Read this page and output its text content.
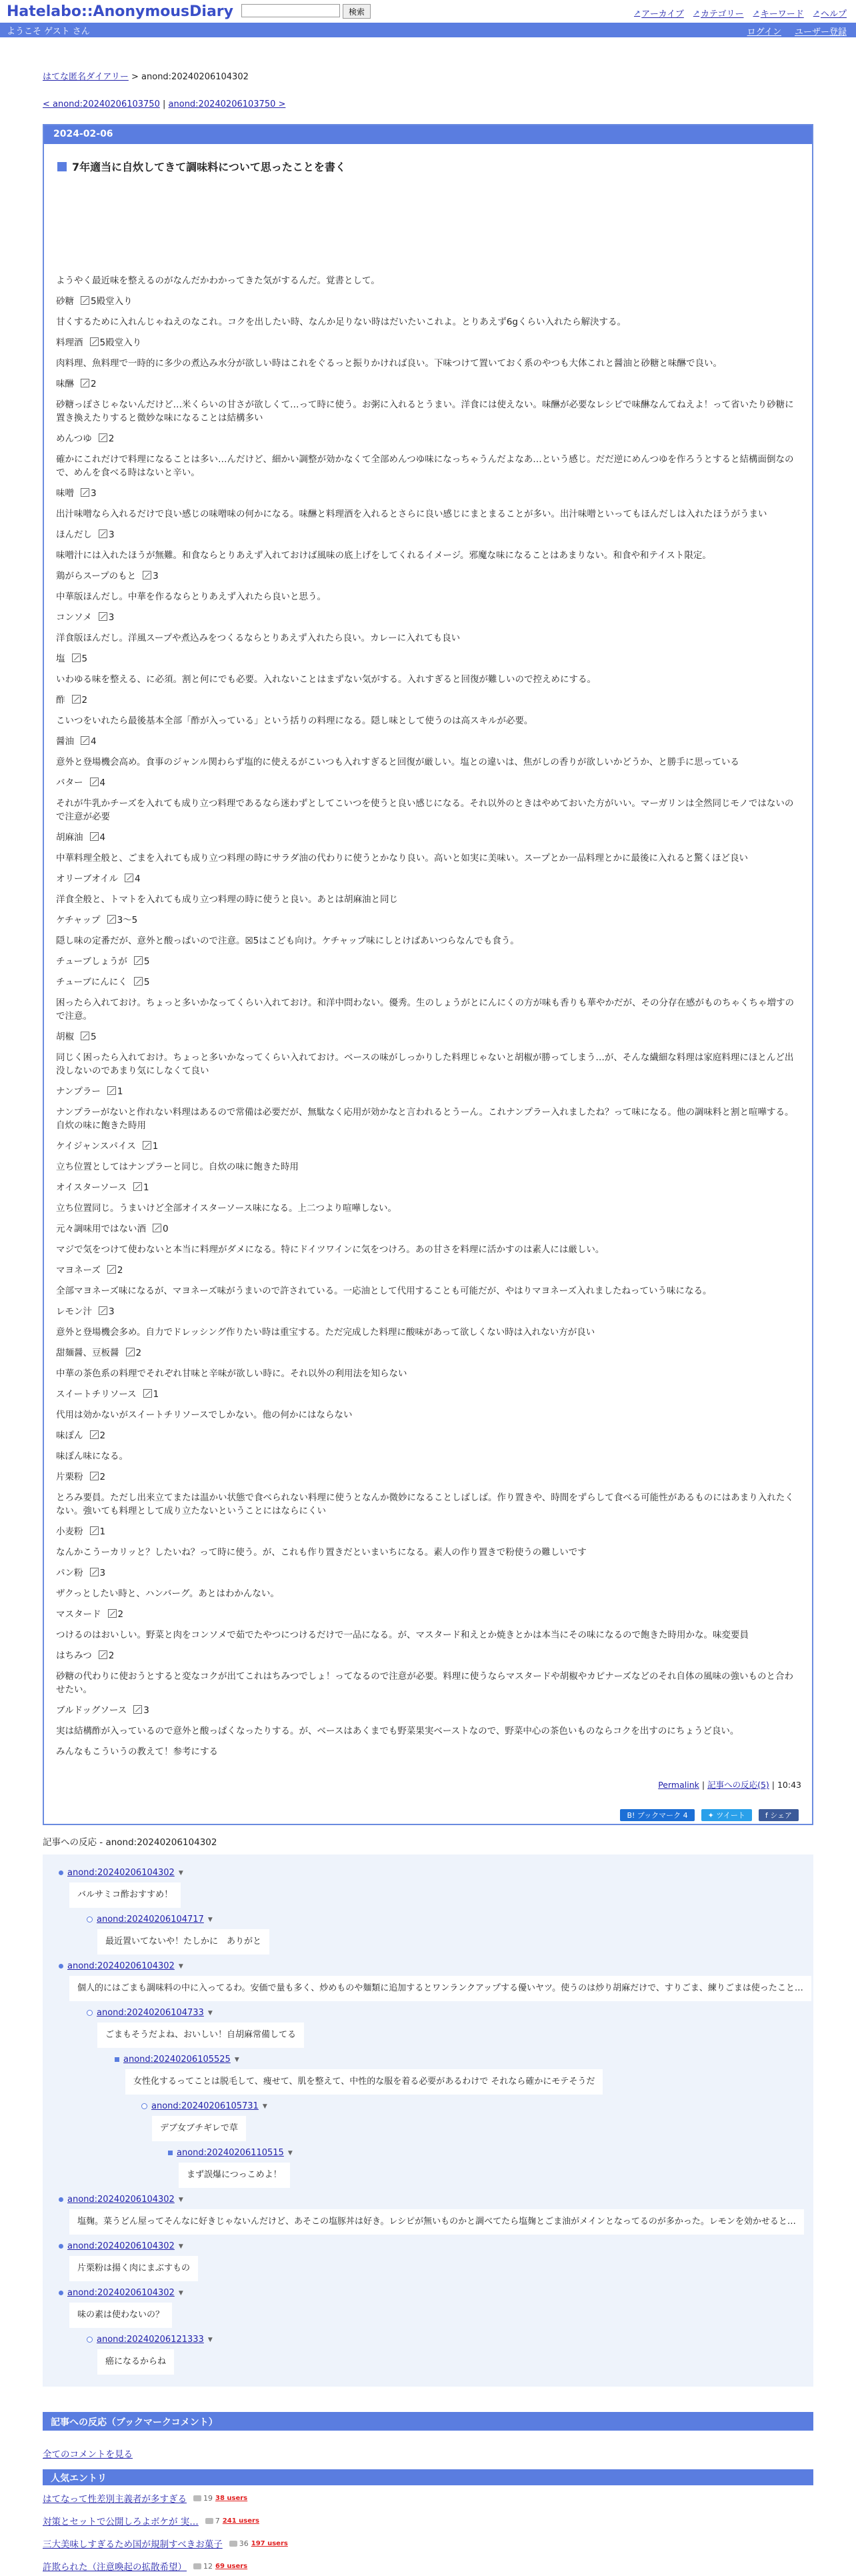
Hatelabo::AnonymousDiary	検索	↗ アーカイブ ↗ カテゴリー ↗ キーワード ↗ ヘルプ
ようこそ ゲスト さん	ログイン ユーザー登録
はてな匿名ダイアリー > anond:20240206104302
< anond:20240206103750 | anond:20240206103750 >
2024-02-06
7年適当に自炊してきて調味料について思ったことを書く

ようやく最近味を整えるのがなんだかわかってきた気がするんだ。覚書として。

砂糖 5殿堂入り

甘くするために入れんじゃねえのなこれ。コクを出したい時、なんか足りない時はだいたいこれよ。とりあえず6gくらい入れたら解決する。

料理酒 5殿堂入り

肉料理、魚料理で一時的に多少の煮込み水分が欲しい時はこれをぐるっと振りかければ良い。下味つけて置いておく系のやつも大体これと醤油と砂糖と味醂で良い。

味醂 2

砂糖っぽさじゃないんだけど…米くらいの甘さが欲しくて…って時に使う。お粥に入れるとうまい。洋食には使えない。味醂が必要なレシピで味醂なんてねえよ！って省いたり砂糖に置き換えたりすると微妙な味になることは結構多い

めんつゆ 2

確かにこれだけで料理になることは多い…んだけど、細かい調整が効かなくて全部めんつゆ味になっちゃうんだよなあ…という感じ。だだ逆にめんつゆを作ろうとすると結構面倒なので、めんを食べる時はないと辛い。

味噌 3

出汁味噌なら入れるだけで良い感じの味噌味の何かになる。味醂と料理酒を入れるとさらに良い感じにまとまることが多い。出汁味噌といってもほんだしは入れたほうがうまい

ほんだし 3

味噌汁には入れたほうが無難。和食ならとりあえず入れておけば風味の底上げをしてくれるイメージ。邪魔な味になることはあまりない。和食や和テイスト限定。

鶏がらスープのもと 3

中華版ほんだし。中華を作るならとりあえず入れたら良いと思う。

コンソメ 3

洋食版ほんだし。洋風スープや煮込みをつくるならとりあえず入れたら良い。カレーに入れても良い

塩 5

いわゆる味を整える、に必須。割と何にでも必要。入れないことはまずない気がする。入れすぎると回復が難しいので控えめにする。

酢 2

こいつをいれたら最後基本全部「酢が入っている」という括りの料理になる。隠し味として使うのは高スキルが必要。

醤油 4

意外と登場機会高め。食事のジャンル関わらず塩的に使えるがこいつも入れすぎると回復が厳しい。塩との違いは、焦がしの香りが欲しいかどうか、と勝手に思っている

バター 4

それが牛乳かチーズを入れても成り立つ料理であるなら迷わずとしてこいつを使うと良い感じになる。それ以外のときはやめておいた方がいい。マーガリンは全然同じモノではないので注意が必要

胡麻油 4

中華料理全般と、ごまを入れても成り立つ料理の時にサラダ油の代わりに使うとかなり良い。高いと如実に美味い。スープとか一品料理とかに最後に入れると驚くほど良い

オリーブオイル 4

洋食全般と、トマトを入れても成り立つ料理の時に使うと良い。あとは胡麻油と同じ

ケチャップ 3～5

隠し味の定番だが、意外と酸っぱいので注意。☒5はこども向け。ケチャップ味にしとけばあいつらなんでも食う。

チューブしょうが 5

チューブにんにく 5

困ったら入れておけ。ちょっと多いかなってくらい入れておけ。和洋中問わない。優秀。生のしょうがとにんにくの方が味も香りも華やかだが、その分存在感がものちゃくちゃ増すので注意。

胡椒 5

同じく困ったら入れておけ。ちょっと多いかなってくらい入れておけ。ベースの味がしっかりした料理じゃないと胡椒が勝ってしまう…が、そんな繊細な料理は家庭料理にほとんど出没しないのであまり気にしなくて良い

ナンプラー 1

ナンプラーがないと作れない料理はあるので常備は必要だが、無駄なく応用が効かなと言われるとうーん。これナンプラー入れましたね？って味になる。他の調味料と割と喧嘩する。自炊の味に飽きた時用

ケイジャンスパイス 1

立ち位置としてはナンプラーと同じ。自炊の味に飽きた時用

オイスターソース 1

立ち位置同じ。うまいけど全部オイスターソース味になる。上二つより喧嘩しない。

元々調味用ではない酒 0

マジで気をつけて使わないと本当に料理がダメになる。特にドイツワインに気をつけろ。あの甘さを料理に活かすのは素人には厳しい。

マヨネーズ 2

全部マヨネーズ味になるが、マヨネーズ味がうまいので許されている。一応油として代用することも可能だが、やはりマヨネーズ入れましたねっていう味になる。

レモン汁 3

意外と登場機会多め。自力でドレッシング作りたい時は重宝する。ただ完成した料理に酸味があって欲しくない時は入れない方が良い

甜麺醤、豆板醤 2

中華の茶色系の料理でそれぞれ甘味と辛味が欲しい時に。それ以外の利用法を知らない

スイートチリソース 1

代用は効かないがスイートチリソースでしかない。他の何かにはならない

味ぽん 2

味ぽん味になる。

片栗粉 2

とろみ要員。ただし出来立てまたは温かい状態で食べられない料理に使うとなんか微妙になることしばしば。作り置きや、時間をずらして食べる可能性があるものにはあまり入れたくない。強いても料理として成り立たないということにはならにくい

小麦粉 1

なんかこうーカリッと？したいね？って時に使う。が、これも作り置きだといまいちになる。素人の作り置きで粉使うの難しいです

パン粉 3

ザクっとしたい時と、ハンバーグ。あとはわかんない。

マスタード 2

つけるのはおいしい。野菜と肉をコンソメで茹でたやつにつけるだけで一品になる。が、マスタード和えとか焼きとかは本当にその味になるので飽きた時用かな。味変要員

はちみつ 2

砂糖の代わりに使おうとすると変なコクが出てこれはちみつでしょ！ってなるので注意が必要。料理に使うならマスタードや胡椒やカピナーズなどのそれ自体の風味の強いものと合わせたい。

ブルドッグソース 3

実は結構酢が入っているので意外と酸っぱくなったりする。が、ベースはあくまでも野菜果実ベーストなので、野菜中心の茶色いものならコクを出すのにちょうど良い。

みんなもこういうの教えて！参考にする

Permalink | 記事への反応(5) | 10:43
B! ブックマーク
4	✦ ツイート	f シェア
記事への反応 - anond:20240206104302
anond:20240206104302 ▼
バルサミコ酢おすすめ！
anond:20240206104717 ▼
最近置いてないや！たしかに　ありがと
anond:20240206104302 ▼
個人的にはごまも調味料の中に入ってるわ。安価で量も多く、炒めものや麺類に追加するとワンランクアップする優いヤツ。使うのは炒り胡麻だけで、すりごま、練りごまは使ったこと…
anond:20240206104733 ▼
ごまもそうだよね、おいしい！自胡麻常備してる
anond:20240206105525 ▼
女性化するってことは脱毛して、痩せて、肌を整えて、中性的な服を着る必要があるわけで それなら確かにモテそうだ
anond:20240206105731 ▼
デブ女ブチギレで草
anond:20240206110515 ▼
まず誤爆につっこめよ！
anond:20240206104302 ▼
塩麹。菜うどん屋ってそんなに好きじゃないんだけど、あそこの塩豚丼は好き。レシピが無いものかと調べてたら塩麹とごま油がメインとなってるのが多かった。レモンを効かせると…
anond:20240206104302 ▼
片栗粉は揚く肉にまぶすもの
anond:20240206104302 ▼
味の素は使わないの？
anond:20240206121333 ▼
癌になるからね
記事への反応（ブックマークコメント）
全てのコメントを見る
人気エントリ
はてなって性差別主義者が多すぎる 19 38 users
対策とセットで公開しろよボケが 実… 7 241 users
三大美味しすぎるため国が規制すべきお菓子 36 197 users
許欺られた（注意喚起の拡散希望） 12 69 users
